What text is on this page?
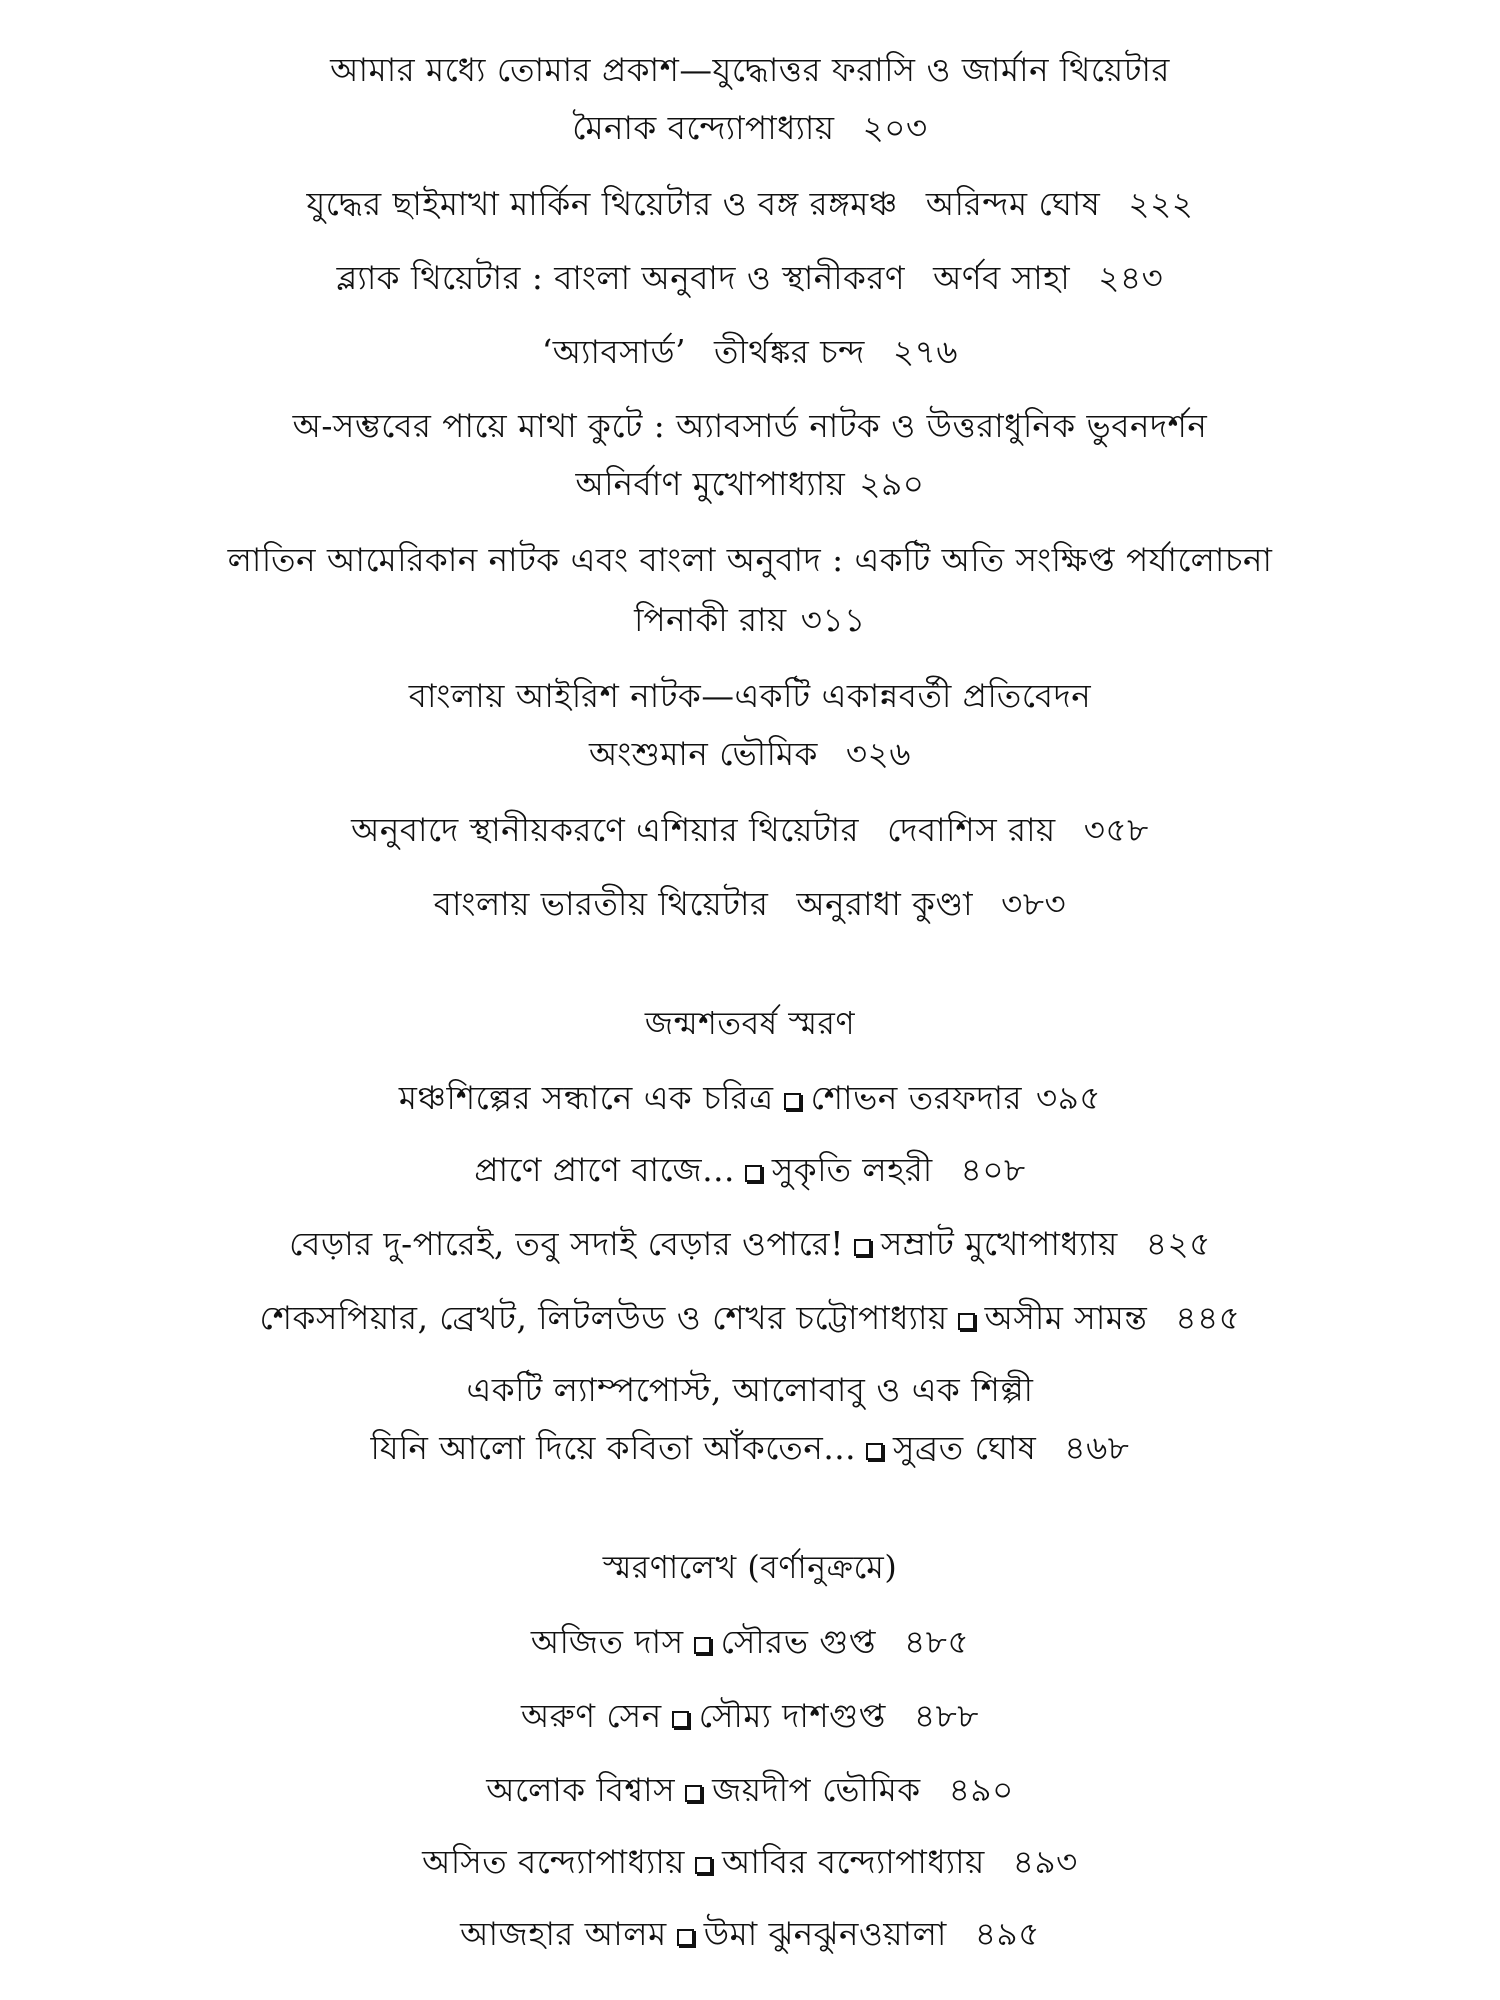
আমার মধ্যে তোমার প্রকাশ—যুদ্ধোত্তর ফরাসি ও জার্মান থিয়েটার
মৈনাক বন্দ্যোপাধ্যায় ২০৩
যুদ্ধের ছাইমাখা মার্কিন থিয়েটার ও বঙ্গ রঙ্গমঞ্চ অরিন্দম ঘোষ ২২২
ব্ল্যাক থিয়েটার : বাংলা অনুবাদ ও স্থানীকরণ অর্ণব সাহা ২৪৩
‘অ্যাবসার্ড’ তীর্থঙ্কর চন্দ ২৭৬
অ-সম্ভবের পায়ে মাথা কুটে : অ্যাবসার্ড নাটক ও উত্তরাধুনিক ভুবনদর্শন
অনির্বাণ মুখোপাধ্যায় ২৯০
লাতিন আমেরিকান নাটক এবং বাংলা অনুবাদ : একটি অতি সংক্ষিপ্ত পর্যালোচনা
পিনাকী রায় ৩১১
বাংলায় আইরিশ নাটক—একটি একান্নবর্তী প্রতিবেদন
অংশুমান ভৌমিক ৩২৬
অনুবাদে স্থানীয়করণে এশিয়ার থিয়েটার দেবাশিস রায় ৩৫৮
বাংলায় ভারতীয় থিয়েটার অনুরাধা কুণ্ডা ৩৮৩
জন্মশতবর্ষ স্মরণ
মঞ্চশিল্পের সন্ধানে এক চরিত্র শোভন তরফদার ৩৯৫
প্রাণে প্রাণে বাজে... সুকৃতি লহরী ৪০৮
বেড়ার দু-পারেই, তবু সদাই বেড়ার ওপারে! সম্রাট মুখোপাধ্যায় ৪২৫
শেকসপিয়ার, ব্রেখট, লিটলউড ও শেখর চট্টোপাধ্যায় অসীম সামন্ত ৪৪৫
একটি ল্যাম্পপোস্ট, আলোবাবু ও এক শিল্পী
যিনি আলো দিয়ে কবিতা আঁকতেন... সুব্রত ঘোষ ৪৬৮
স্মরণালেখ (বর্ণানুক্রমে)
অজিত দাস সৌরভ গুপ্ত ৪৮৫
অরুণ সেন সৌম্য দাশগুপ্ত ৪৮৮
অলোক বিশ্বাস জয়দীপ ভৌমিক ৪৯০
অসিত বন্দ্যোপাধ্যায় আবির বন্দ্যোপাধ্যায় ৪৯৩
আজহার আলম উমা ঝুনঝুনওয়ালা ৪৯৫
